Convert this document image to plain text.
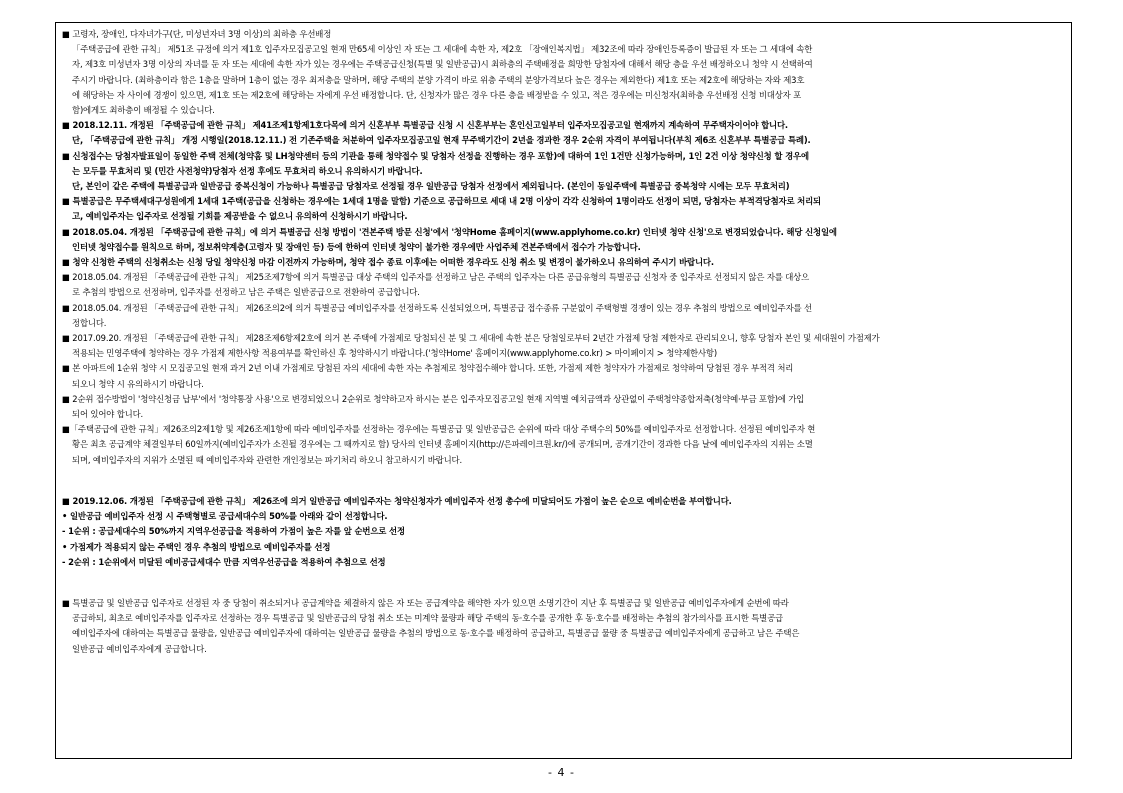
■ 고령자, 장애인, 다자녀가구(단, 미성년자녀 3명 이상)의 최하층 우선배정

「주택공급에 관한 규칙」 제51조 규정에 의거 제1호 입주자모집공고일 현재 만65세 이상인 자 또는 그 세대에 속한 자, 제2호 「장애인복지법」 제32조에 따라 장애인등록증이 발급된 자 또는 그 세대에 속한

자, 제3호 미성년자 3명 이상의 자녀를 둔 자 또는 세대에 속한 자가 있는 경우에는 주택공급신청(특별 및 일반공급)시 최하층의 주택배정을 희망한 당첨자에 대해서 해당 층을 우선 배정하오니 청약 시 선택하여

주시기 바랍니다. (최하층이라 함은 1층을 말하며 1층이 없는 경우 최저층을 말하며, 해당 주택의 분양 가격이 바로 위층 주택의 분양가격보다 높은 경우는 제외한다) 제1호 또는 제2호에 해당하는 자와 제3호

에 해당하는 자 사이에 경쟁이 있으면, 제1호 또는 제2호에 해당하는 자에게 우선 배정합니다. 단, 신청자가 많은 경우 다른 층을 배정받을 수 있고, 적은 경우에는 미신청자(최하층 우선배정 신청 비대상자 포

함)에게도 최하층이 배정될 수 있습니다.

■ 2018.12.11. 개정된 「주택공급에 관한 규칙」 제41조제1항제1호다목에 의거 신혼부부 특별공급 신청 시 신혼부부는 혼인신고일부터 입주자모집공고일 현재까지 계속하여 무주택자이어야 합니다.

단, 「주택공급에 관한 규칙」 개정 시행일(2018.12.11.) 전 기존주택을 처분하여 입주자모집공고일 현재 무주택기간이 2년을 경과한 경우 2순위 자격이 부여됩니다(부칙 제6조 신혼부부 특별공급 특례).

■ 신청접수는 당첨자발표일이 동일한 주택 전체(청약홈 및 LH청약센터 등의 기관을 통해 청약접수 및 당첨자 선정을 진행하는 경우 포함)에 대하여 1인 1건만 신청가능하며, 1인 2건 이상 청약신청 할 경우에

는 모두를 무효처리 및 (민간 사전청약)당첨자 선정 후에도 무효처리 하오니 유의하시기 바랍니다.

단, 본인이 같은 주택에 특별공급과 일반공급 중복신청이 가능하나 특별공급 당첨자로 선정될 경우 일반공급 당첨자 선정에서 제외됩니다. (본인이 동일주택에 특별공급 중복청약 시에는 모두 무효처리)

■ 특별공급은 무주택세대구성원에게 1세대 1주택(공급을 신청하는 경우에는 1세대 1명을 말함) 기준으로 공급하므로 세대 내 2명 이상이 각각 신청하여 1명이라도 선정이 되면, 당첨자는 부적격당첨자로 처리되

고, 예비입주자는 입주자로 선정될 기회를 제공받을 수 없으니 유의하여 신청하시기 바랍니다.

■ 2018.05.04. 개정된 「주택공급에 관한 규칙」에 의거 특별공급 신청 방법이 '견본주택 방문 신청'에서 '청약Home 홈페이지(www.applyhome.co.kr) 인터넷 청약 신청'으로 변경되었습니다. 해당 신청일에

인터넷 청약접수를 원칙으로 하며, 정보취약계층(고령자 및 장애인 등) 등에 한하여 인터넷 청약이 불가한 경우에만 사업주체 견본주택에서 접수가 가능합니다.

■ 청약 신청한 주택의 신청취소는 신청 당일 청약신청 마감 이전까지 가능하며, 청약 접수 종료 이후에는 어떠한 경우라도 신청 취소 및 변경이 불가하오니 유의하여 주시기 바랍니다.

■ 2018.05.04. 개정된 「주택공급에 관한 규칙」 제25조제7항에 의거 특별공급 대상 주택의 입주자를 선정하고 남은 주택의 입주자는 다른 공급유형의 특별공급 신청자 중 입주자로 선정되지 않은 자를 대상으

로 추첨의 방법으로 선정하며, 입주자를 선정하고 남은 주택은 일반공급으로 전환하여 공급합니다.

■ 2018.05.04. 개정된 「주택공급에 관한 규칙」 제26조의2에 의거 특별공급 예비입주자를 선정하도록 신설되었으며, 특별공급 접수종류 구분없이 주택형별 경쟁이 있는 경우 추첨의 방법으로 예비입주자를 선

정합니다.

■ 2017.09.20. 개정된 「주택공급에 관한 규칙」 제28조제6항제2호에 의거 본 주택에 가점제로 당첨되신 분 및 그 세대에 속한 분은 당첨일로부터 2년간 가점제 당첨 제한자로 관리되오니, 향후 당첨자 본인 및 세대원이 가점제가

적용되는 민영주택에 청약하는 경우 가점제 제한사항 적용여부를 확인하신 후 청약하시기 바랍니다.('청약Home' 홈페이지(www.applyhome.co.kr) > 마이페이지 > 청약제한사항)

■ 본 아파트에 1순위 청약 시 모집공고일 현재 과거 2년 이내 가점제로 당첨된 자의 세대에 속한 자는 추첨제로 청약접수해야 합니다. 또한, 가점제 제한 청약자가 가점제로 청약하여 당첨된 경우 부적격 처리

되오니 청약 시 유의하시기 바랍니다.

■ 2순위 접수방법이 '청약신청금 납부'에서 '청약통장 사용'으로 변경되었으니 2순위로 청약하고자 하시는 분은 입주자모집공고일 현재 지역별 예치금액과 상관없이 주택청약종합저축(청약예·부금 포함)에 가입

되어 있어야 합니다.

■「주택공급에 관한 규칙」제26조의2제1항 및 제26조제1항에 따라 예비입주자를 선정하는 경우에는 특별공급 및 일반공급은 순위에 따라 대상 주택수의 50%를 예비입주자로 선정합니다. 선정된 예비입주자 현

황은 최초 공급계약 체결일부터 60일까지(예비입주자가 소진될 경우에는 그 때까지로 함) 당사의 인터넷 홈페이지(http://은파레이크원.kr/)에 공개되며, 공개기간이 경과한 다음 날에 예비입주자의 지위는 소멸

되며, 예비입주자의 지위가 소멸된 때 예비입주자와 관련한 개인정보는 파기처리 하오니 참고하시기 바랍니다.

■ 2019.12.06. 개정된 「주택공급에 관한 규칙」 제26조에 의거 일반공급 예비입주자는 청약신청자가 예비입주자 선정 총수에 미달되어도 가점이 높은 순으로 예비순번을 부여합니다.

• 일반공급 예비입주자 선정 시 주택형별로 공급세대수의 50%를 아래와 같이 선정합니다.

- 1순위 : 공급세대수의 50%까지 지역우선공급을 적용하여 가점이 높은 자를 앞 순번으로 선정

• 가점제가 적용되지 않는 주택인 경우 추첨의 방법으로 예비입주자를 선정

- 2순위 : 1순위에서 미달된 예비공급세대수 만큼 지역우선공급을 적용하여 추첨으로 선정

■ 특별공급 및 일반공급 입주자로 선정된 자 중 당첨이 취소되거나 공급계약을 체결하지 않은 자 또는 공급계약을 해약한 자가 있으면 소명기간이 지난 후 특별공급 및 일반공급 예비입주자에게 순번에 따라

공급하되, 최초로 예비입주자를 입주자로 선정하는 경우 특별공급 및 일반공급의 당첨 취소 또는 미계약 물량과 해당 주택의 동·호수를 공개한 후 동·호수를 배정하는 추첨의 참가의사를 표시한 특별공급

예비입주자에 대하여는 특별공급 물량을, 일반공급 예비입주자에 대하여는 일반공급 물량을 추첨의 방법으로 동·호수를 배정하여 공급하고, 특별공급 물량 중 특별공급 예비입주자에게 공급하고 남은 주택은

일반공급 예비입주자에게 공급합니다.

- 4 -
